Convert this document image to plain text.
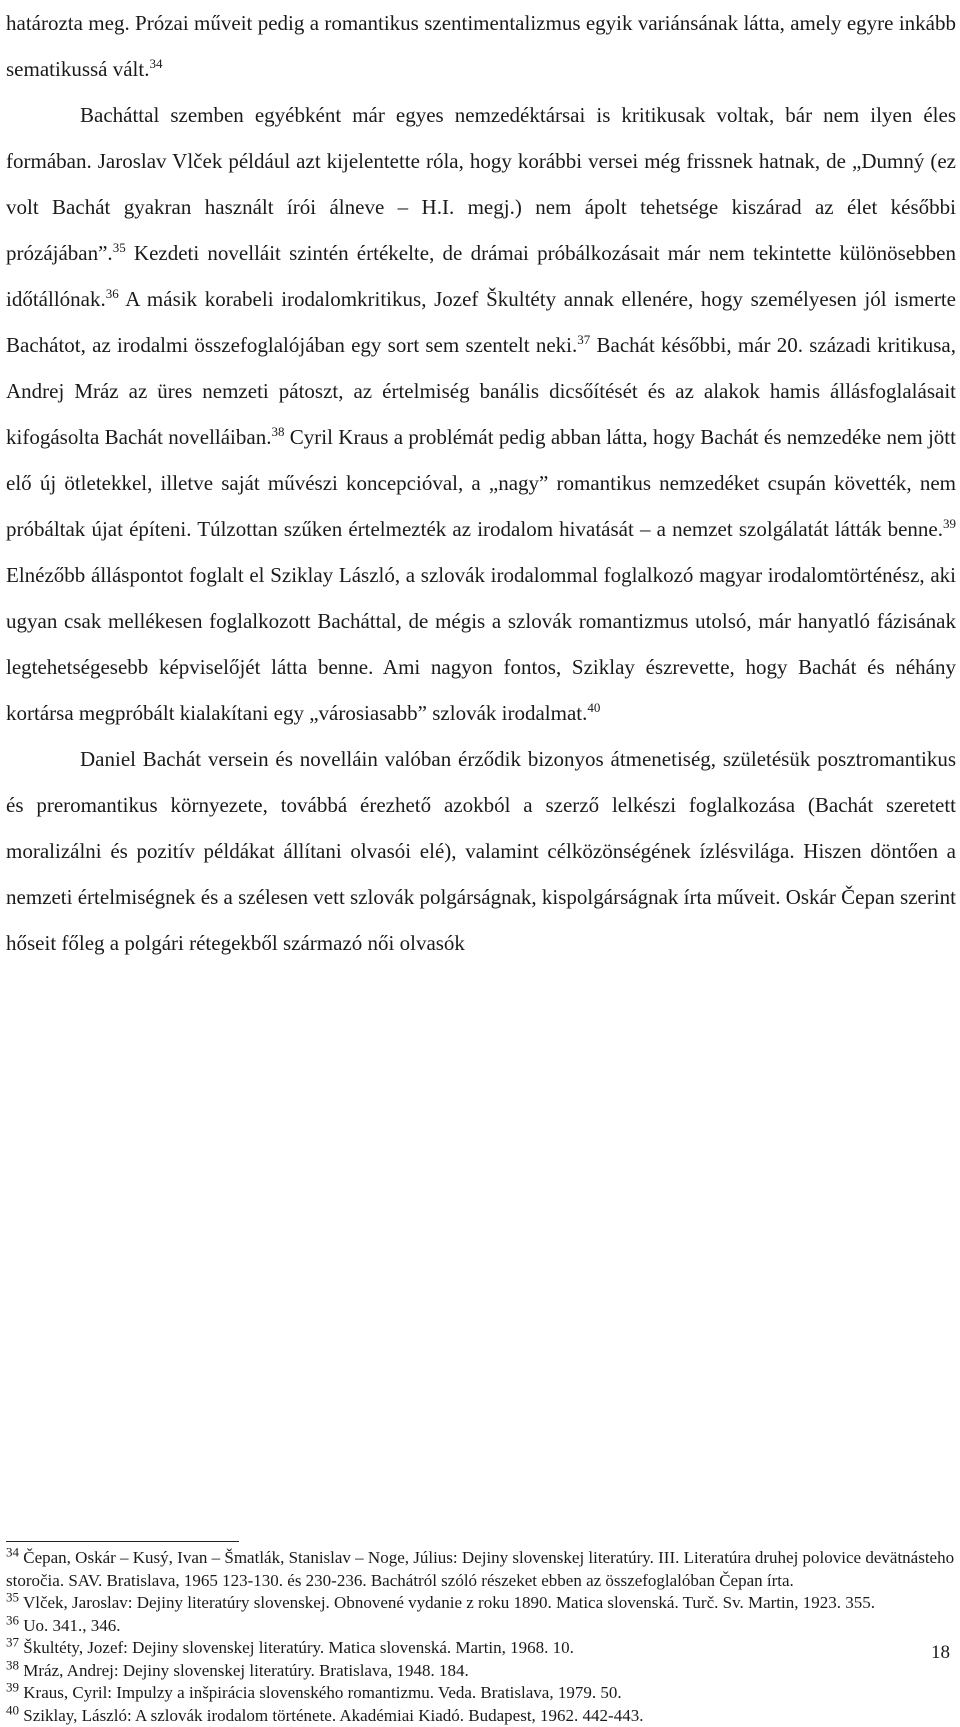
határozta meg. Prózai műveit pedig a romantikus szentimentalizmus egyik variánsának látta, amely egyre inkább sematikussá vált.$^{34}$

Bacháttal szemben egyébként már egyes nemzedéktársai is kritikusak voltak, bár nem ilyen éles formában. Jaroslav Vlček például azt kijelentette róla, hogy korábbi versei még frissnek hatnak, de „Dumný (ez volt Bachát gyakran használt írói álneve – H.I. megj.) nem ápolt tehetsége kiszárad az élet későbbi prózájában”.$^{35}$ Kezdeti novelláit szintén értékelte, de drámai próbálkozásait már nem tekintette különösebben időtállónak.$^{36}$ A másik korabeli irodalomkritikus, Jozef Škultéty annak ellenére, hogy személyesen jól ismerte Bachátot, az irodalmi összefoglalójában egy sort sem szentelt neki.$^{37}$ Bachát későbbi, már 20. századi kritikusa, Andrej Mráz az üres nemzeti pátoszt, az értelmiség banális dicsőítését és az alakok hamis állásfoglalásait kifogásolta Bachát novelláiban.$^{38}$ Cyril Kraus a problémát pedig abban látta, hogy Bachát és nemzedéke nem jött elő új ötletekkel, illetve saját művészi koncepcióval, a „nagy” romantikus nemzedéket csupán követték, nem próbáltak újat építeni. Túlzottan szűken értelmezték az irodalom hivatását – a nemzet szolgálatát látták benne.$^{39}$ Elnézőbb álláspontot foglalt el Sziklay László, a szlovák irodalommal foglalkozó magyar irodalomtörténész, aki ugyan csak mellékesen foglalkozott Bacháttal, de mégis a szlovák romantizmus utolsó, már hanyatló fázisának legtehetségesebb képviselőjét látta benne. Ami nagyon fontos, Sziklay észrevette, hogy Bachát és néhány kortársa megpróbált kialakítani egy „városiasabb” szlovák irodalmat.$^{40}$

Daniel Bachát versein és novelláin valóban érződik bizonyos átmenetiség, születésük posztromantikus és preromantikus környezete, továbbá érezhető azokból a szerző lelkészi foglalkozása (Bachát szeretett moralizálni és pozitív példákat állítani olvasói elé), valamint célközönségének ízlésvilága. Hiszen döntően a nemzeti értelmiségnek és a szélesen vett szlovák polgárságnak, kispolgárságnak írta műveit. Oskár Čepan szerint hőseit főleg a polgári rétegekből származó női olvasók

$^{34}$ Čepan, Oskár – Kusý, Ivan – Šmatlák, Stanislav – Noge, Július: Dejiny slovenskej literatúry. III. Literatúra druhej polovice devätnásteho storočia. SAV. Bratislava, 1965 123-130. és 230-236. Bachátról szóló részeket ebben az összefoglalóban Čepan írta.

$^{35}$ Vlček, Jaroslav: Dejiny literatúry slovenskej. Obnovené vydanie z roku 1890. Matica slovenská. Turč. Sv. Martin, 1923. 355.

$^{36}$ Uo. 341., 346.

$^{37}$ Škultéty, Jozef: Dejiny slovenskej literatúry. Matica slovenská. Martin, 1968. 10.

$^{38}$ Mráz, Andrej: Dejiny slovenskej literatúry. Bratislava, 1948. 184.

$^{39}$ Kraus, Cyril: Impulzy a inšpirácia slovenského romantizmu. Veda. Bratislava, 1979. 50.

$^{40}$ Sziklay, László: A szlovák irodalom története. Akadémiai Kiadó. Budapest, 1962. 442-443.

18
